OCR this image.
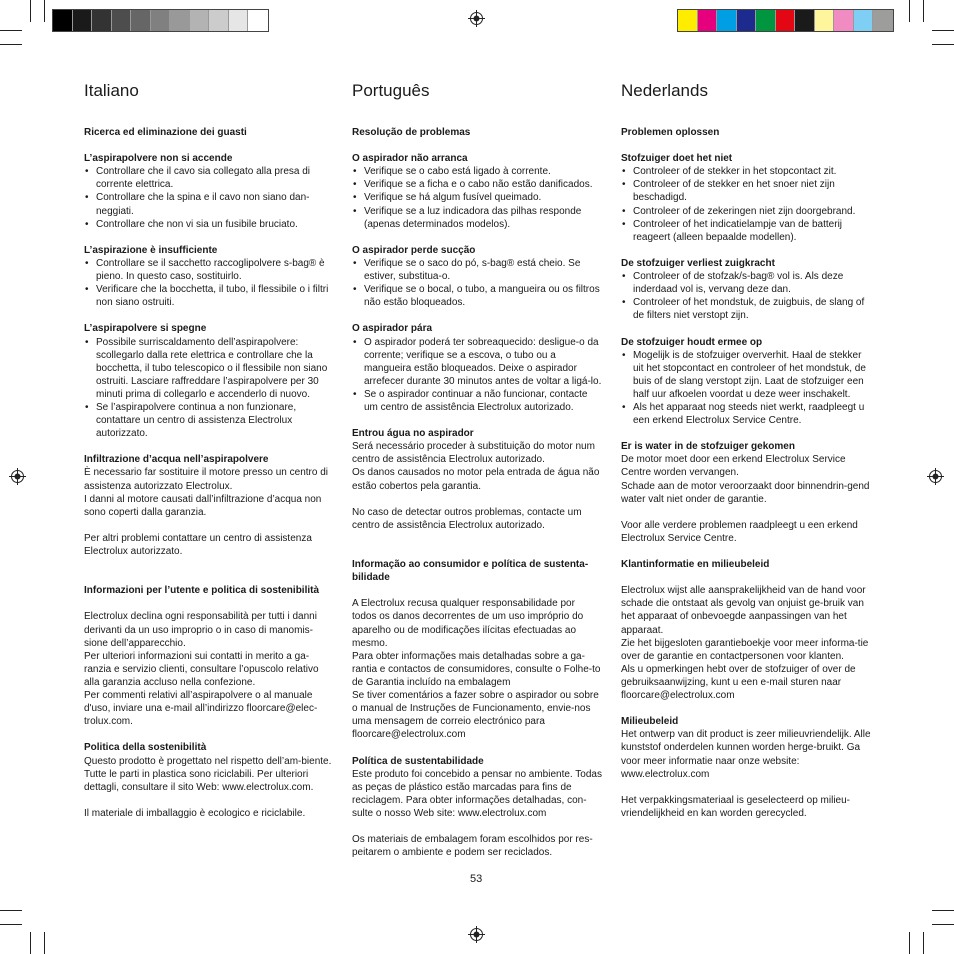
Italiano

Ricerca ed eliminazione dei guasti

L’aspirapolvere non si accende

• Controllare che il cavo sia collegato alla presa di corrente elettrica.
• Controllare che la spina e il cavo non siano dan-neggiati.
• Controllare che non vi sia un fusibile bruciato.

L’aspirazione è insufficiente

• Controllare se il sacchetto raccoglipolvere s-bag® è pieno. In questo caso, sostituirlo.
• Verificare che la bocchetta, il tubo, il flessibile o i filtri non siano ostruiti.

L’aspirapolvere si spegne

• Possibile surriscaldamento dell’aspirapolvere: scollegarlo dalla rete elettrica e controllare che la bocchetta, il tubo telescopico o il flessibile non siano ostruiti. Lasciare raffreddare l’aspirapolvere per 30 minuti prima di collegarlo e accenderlo di nuovo.
• Se l’aspirapolvere continua a non funzionare, contattare un centro di assistenza Electrolux autorizzato.

Infiltrazione d’acqua nell’aspirapolvere

È necessario far sostituire il motore presso un centro di assistenza autorizzato Electrolux.

I danni al motore causati dall’infiltrazione d’acqua non sono coperti dalla garanzia.

Per altri problemi contattare un centro di assistenza Electrolux autorizzato.

Informazioni per l’utente e politica di sostenibilità

Electrolux declina ogni responsabilità per tutti i danni derivanti da un uso improprio o in caso di manomis-sione dell’apparecchio.

Per ulteriori informazioni sui contatti in merito a ga-ranzia e servizio clienti, consultare l’opuscolo relativo alla garanzia accluso nella confezione.

Per commenti relativi all’aspirapolvere o al manuale d'uso, inviare una e-mail all’indirizzo floorcare@elec-trolux.com.

Politica della sostenibilità

Questo prodotto è progettato nel rispetto dell’am-biente. Tutte le parti in plastica sono riciclabili. Per ulteriori dettagli, consultare il sito Web: www.electrolux.com.

Il materiale di imballaggio è ecologico e riciclabile.

Português

Resolução de problemas

O aspirador não arranca

• Verifique se o cabo está ligado à corrente.
• Verifique se a ficha e o cabo não estão danificados.
• Verifique se há algum fusível queimado.
• Verifique se a luz indicadora das pilhas responde (apenas determinados modelos).

O aspirador perde sucção

• Verifique se o saco do pó, s-bag® está cheio. Se estiver, substitua-o.
• Verifique se o bocal, o tubo, a mangueira ou os filtros não estão bloqueados.

O aspirador pára

• O aspirador poderá ter sobreaquecido: desligue-o da corrente; verifique se a escova, o tubo ou a mangueira estão bloqueados. Deixe o aspirador arrefecer durante 30 minutos antes de voltar a ligá-lo.
• Se o aspirador continuar a não funcionar, contacte um centro de assistência Electrolux autorizado.

Entrou água no aspirador

Será necessário proceder à substituição do motor num centro de assistência Electrolux autorizado.

Os danos causados no motor pela entrada de água não estão cobertos pela garantia.

No caso de detectar outros problemas, contacte um centro de assistência Electrolux autorizado.

Informação ao consumidor e política de sustenta-bilidade

A Electrolux recusa qualquer responsabilidade por todos os danos decorrentes de um uso impróprio do aparelho ou de modificações ilícitas efectuadas ao mesmo.

Para obter informações mais detalhadas sobre a ga-rantia e contactos de consumidores, consulte o Folhe-to de Garantia incluído na embalagem

Se tiver comentários a fazer sobre o aspirador ou sobre o manual de Instruções de Funcionamento, envie-nos uma mensagem de correio electrónico para floorcare@electrolux.com

Política de sustentabilidade

Este produto foi concebido a pensar no ambiente. Todas as peças de plástico estão marcadas para fins de reciclagem. Para obter informações detalhadas, con-sulte o nosso Web site: www.electrolux.com

Os materiais de embalagem foram escolhidos por res-peitarem o ambiente e podem ser reciclados.

Nederlands

Problemen oplossen

Stofzuiger doet het niet

• Controleer of de stekker in het stopcontact zit.
• Controleer of de stekker en het snoer niet zijn beschadigd.
• Controleer of de zekeringen niet zijn doorgebrand.
• Controleer of het indicatielampje van de batterij reageert (alleen bepaalde modellen).

De stofzuiger verliest zuigkracht

• Controleer of de stofzak/s-bag® vol is. Als deze inderdaad vol is, vervang deze dan.
• Controleer of het mondstuk, de zuigbuis, de slang of de filters niet verstopt zijn.

De stofzuiger houdt ermee op

• Mogelijk is de stofzuiger oververhit. Haal de stekker uit het stopcontact en controleer of het mondstuk, de buis of de slang verstopt zijn. Laat de stofzuiger een half uur afkoelen voordat u deze weer inschakelt.
• Als het apparaat nog steeds niet werkt, raadpleegt u een erkend Electrolux Service Centre.

Er is water in de stofzuiger gekomen

De motor moet door een erkend Electrolux Service Centre worden vervangen.

Schade aan de motor veroorzaakt door binnendrin-gend water valt niet onder de garantie.

Voor alle verdere problemen raadpleegt u een erkend Electrolux Service Centre.

Klantinformatie en milieubeleid

Electrolux wijst alle aansprakelijkheid van de hand voor schade die ontstaat als gevolg van onjuist ge-bruik van het apparaat of onbevoegde aanpassingen van het apparaat.

Zie het bijgesloten garantieboekje voor meer informa-tie over de garantie en contactpersonen voor klanten.

Als u opmerkingen hebt over de stofzuiger of over de gebruiksaanwijzing, kunt u een e-mail sturen naar floorcare@electrolux.com

Milieubeleid

Het ontwerp van dit product is zeer milieuvriendelijk. Alle kunststof onderdelen kunnen worden herge-bruikt. Ga voor meer informatie naar onze website: www.electrolux.com

Het verpakkingsmateriaal is geselecteerd op milieu-vriendelijkheid en kan worden gerecycled.

53
